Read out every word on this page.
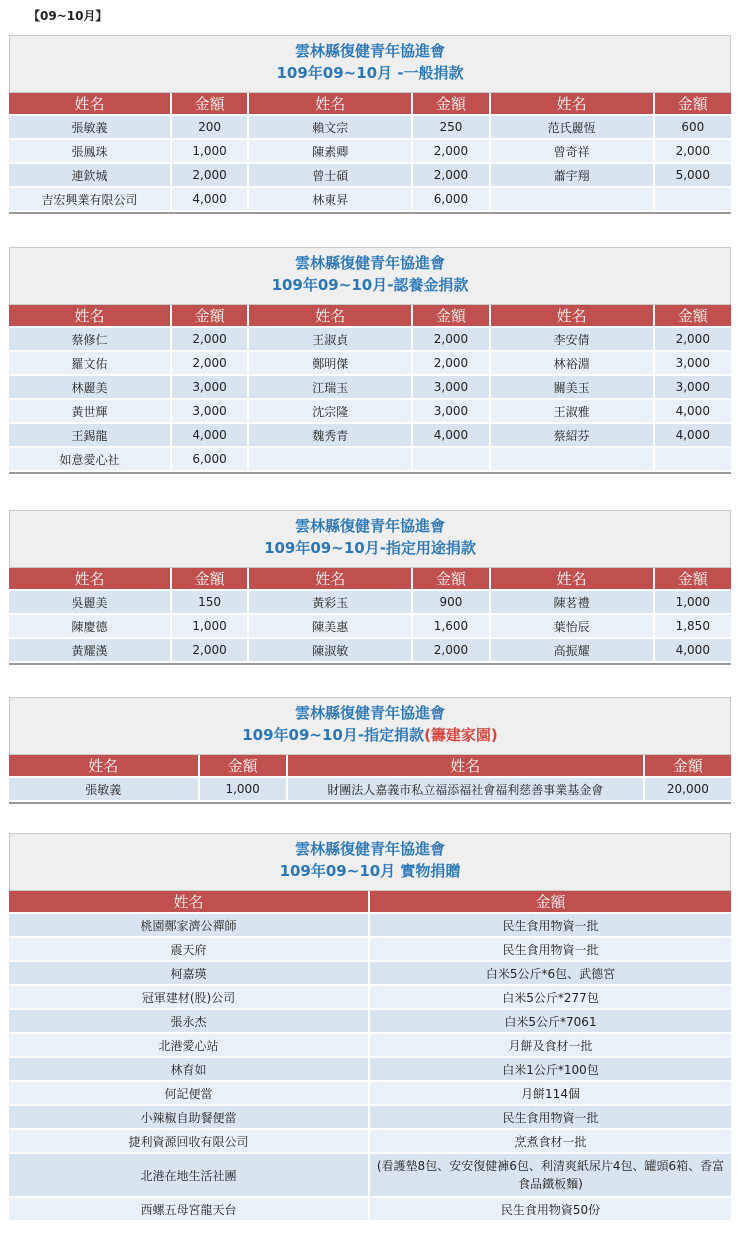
【09~10月】
雲林縣復健青年協進會
109年09~10月 -一般捐款
姓名	金額	姓名	金額	姓名	金額
張敏義	200	賴文宗	250	范氏麗恆	600
張鳳珠	1,000	陳素卿	2,000	曾奇祥	2,000
連欽城	2,000	曾士碩	2,000	蕭宇翔	5,000
吉宏興業有限公司	4,000	林東昇	6,000		
雲林縣復健青年協進會
109年09~10月-認養金捐款
姓名	金額	姓名	金額	姓名	金額
蔡修仁	2,000	王淑貞	2,000	李安倩	2,000
羅文佑	2,000	鄭明傑	2,000	林裕淵	3,000
林麗美	3,000	江瑞玉	3,000	關美玉	3,000
黃世輝	3,000	沈宗隆	3,000	王淑雅	4,000
王錫龍	4,000	魏秀青	4,000	蔡紹芬	4,000
如意愛心社	6,000				
雲林縣復健青年協進會
109年09~10月-指定用途捐款
姓名	金額	姓名	金額	姓名	金額
吳麗美	150	黃彩玉	900	陳茗禮	1,000
陳慶德	1,000	陳美惠	1,600	葉怡辰	1,850
黃耀漢	2,000	陳淑敏	2,000	高振耀	4,000
雲林縣復健青年協進會
109年09~10月-指定捐款(籌建家園)
姓名	金額	姓名	金額
張敏義	1,000	財團法人嘉義市私立福添福社會福利慈善事業基金會	20,000
雲林縣復健青年協進會
109年09~10月 實物捐贈
姓名	金額
桃園鄭家濟公禪師	民生食用物資一批
震天府	民生食用物資一批
柯嘉瑛	白米5公斤*6包、武德宮
冠軍建材(股)公司	白米5公斤*277包
張永杰	白米5公斤*7061
北港愛心站	月餅及食材一批
林育如	白米1公斤*100包
何記便當	月餅114個
小辣椒自助餐便當	民生食用物資一批
捷利資源回收有限公司	烹煮食材一批
北港在地生活社團	(看護墊8包、安安復健褲6包、利清爽紙尿片4包、罐頭6箱、香富食品鐵板麵)
西螺五母宮龍天台	民生食用物資50份
